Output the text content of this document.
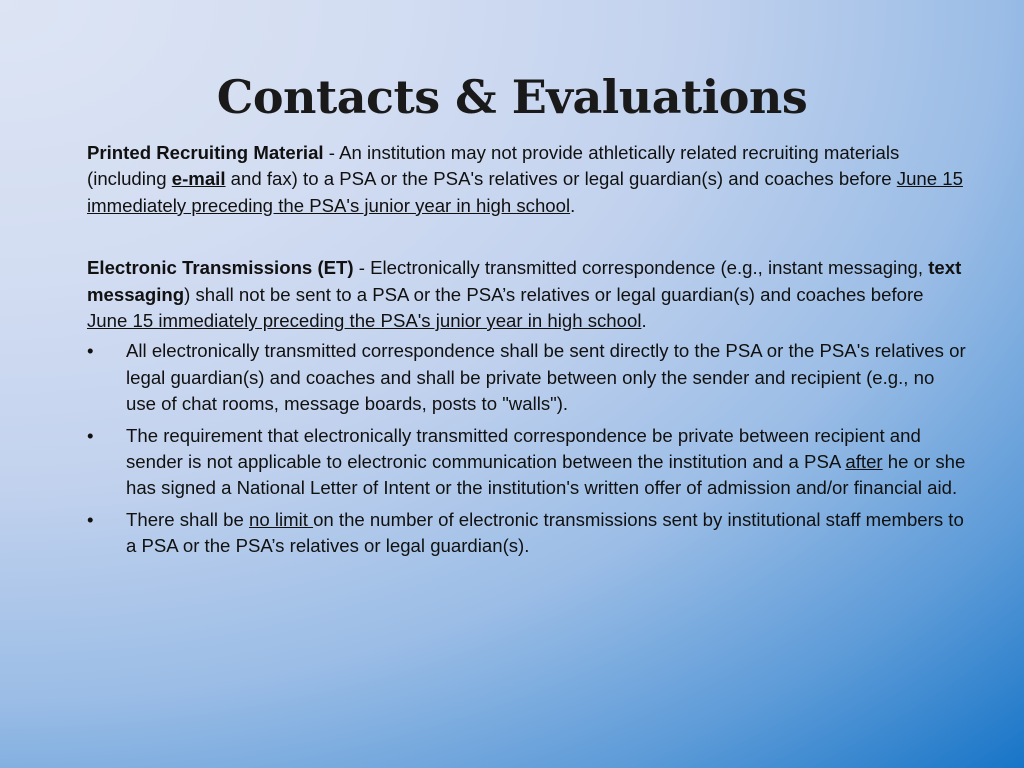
Contacts & Evaluations

Printed Recruiting Material - An institution may not provide athletically related recruiting materials (including e-mail and fax) to a PSA or the PSA's relatives or legal guardian(s) and coaches before June 15 immediately preceding the PSA's junior year in high school.

Electronic Transmissions (ET) - Electronically transmitted correspondence (e.g., instant messaging, text messaging) shall not be sent to a PSA or the PSA’s relatives or legal guardian(s) and coaches before June 15 immediately preceding the PSA's junior year in high school.

• All electronically transmitted correspondence shall be sent directly to the PSA or the PSA's relatives or legal guardian(s) and coaches and shall be private between only the sender and recipient (e.g., no use of chat rooms, message boards, posts to "walls").
• The requirement that electronically transmitted correspondence be private between recipient and sender is not applicable to electronic communication between the institution and a PSA after he or she has signed a National Letter of Intent or the institution's written offer of admission and/or financial aid.
• There shall be no limit on the number of electronic transmissions sent by institutional staff members to a PSA or the PSA’s relatives or legal guardian(s).
